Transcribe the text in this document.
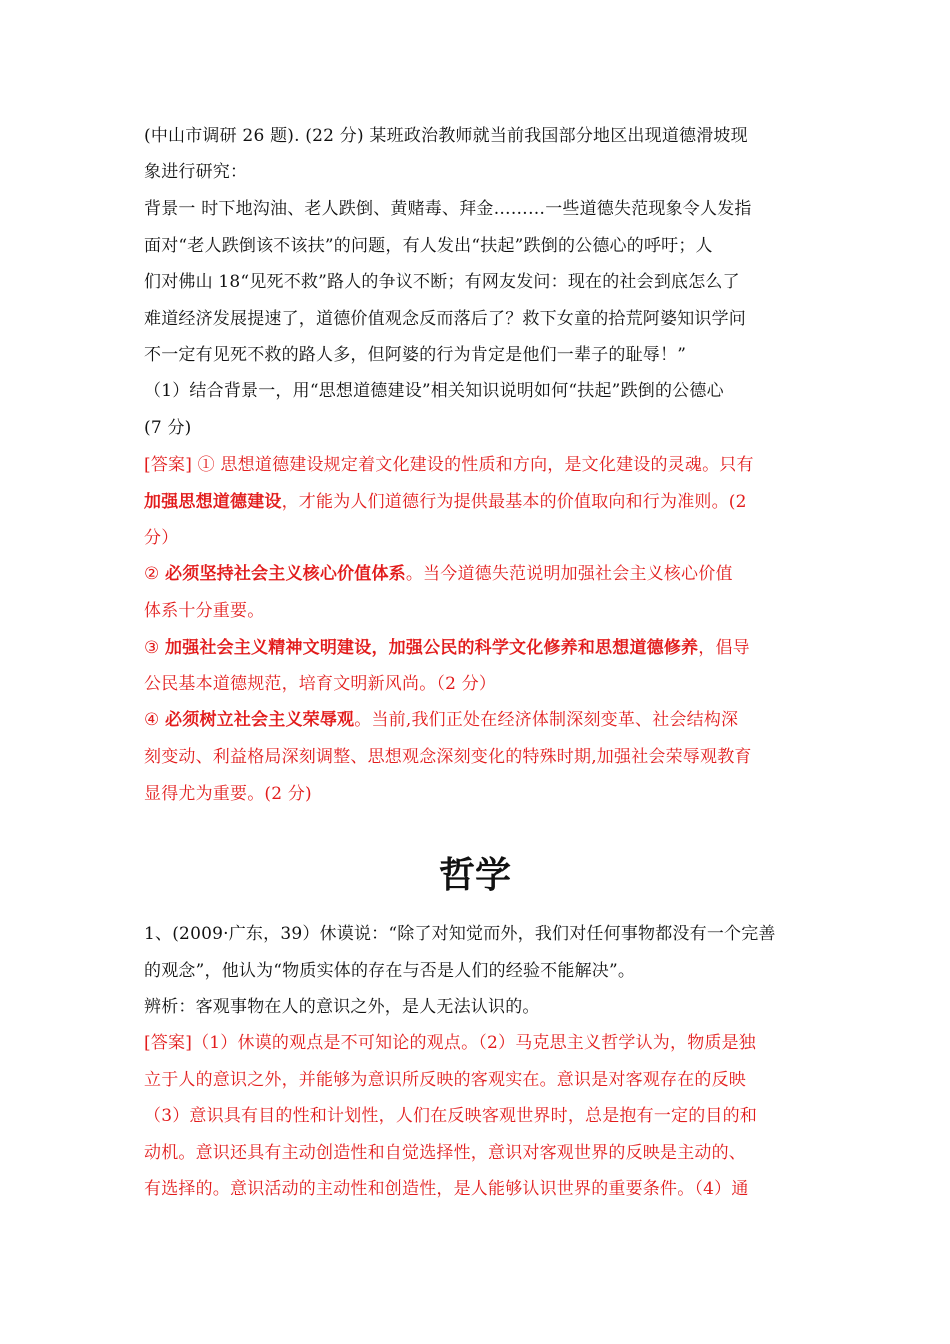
(中山市调研 26 题). (22 分) 某班政治教师就当前我国部分地区出现道德滑坡现
象进行研究：
背景一 时下地沟油、老人跌倒、黄赌毒、拜金………一些道德失范现象令人发指
面对“老人跌倒该不该扶”的问题，有人发出“扶起”跌倒的公德心的呼吁；人
们对佛山 18“见死不救”路人的争议不断；有网友发问：现在的社会到底怎么了
难道经济发展提速了，道德价值观念反而落后了？救下女童的拾荒阿婆知识学问
不一定有见死不救的路人多，但阿婆的行为肯定是他们一辈子的耻辱！”
（1）结合背景一，用“思想道德建设”相关知识说明如何“扶起”跌倒的公德心
(7 分)
[答案] ① 思想道德建设规定着文化建设的性质和方向，是文化建设的灵魂。只有
加强思想道德建设，才能为人们道德行为提供最基本的价值取向和行为准则。(2
分）
② 必须坚持社会主义核心价值体系。当今道德失范说明加强社会主义核心价值
体系十分重要。
③ 加强社会主义精神文明建设，加强公民的科学文化修养和思想道德修养，倡导
公民基本道德规范，培育文明新风尚。（2 分）
④ 必须树立社会主义荣辱观。当前,我们正处在经济体制深刻变革、社会结构深
刻变动、利益格局深刻调整、思想观念深刻变化的特殊时期,加强社会荣辱观教育
显得尤为重要。(2 分)
哲学
1、(2009·广东，39）休谟说：“除了对知觉而外，我们对任何事物都没有一个完善
的观念”，他认为“物质实体的存在与否是人们的经验不能解决”。
辨析：客观事物在人的意识之外，是人无法认识的。
[答案]（1）休谟的观点是不可知论的观点。（2）马克思主义哲学认为，物质是独
立于人的意识之外，并能够为意识所反映的客观实在。意识是对客观存在的反映
（3）意识具有目的性和计划性，人们在反映客观世界时，总是抱有一定的目的和
动机。意识还具有主动创造性和自觉选择性，意识对客观世界的反映是主动的、
有选择的。意识活动的主动性和创造性，是人能够认识世界的重要条件。（4）通
